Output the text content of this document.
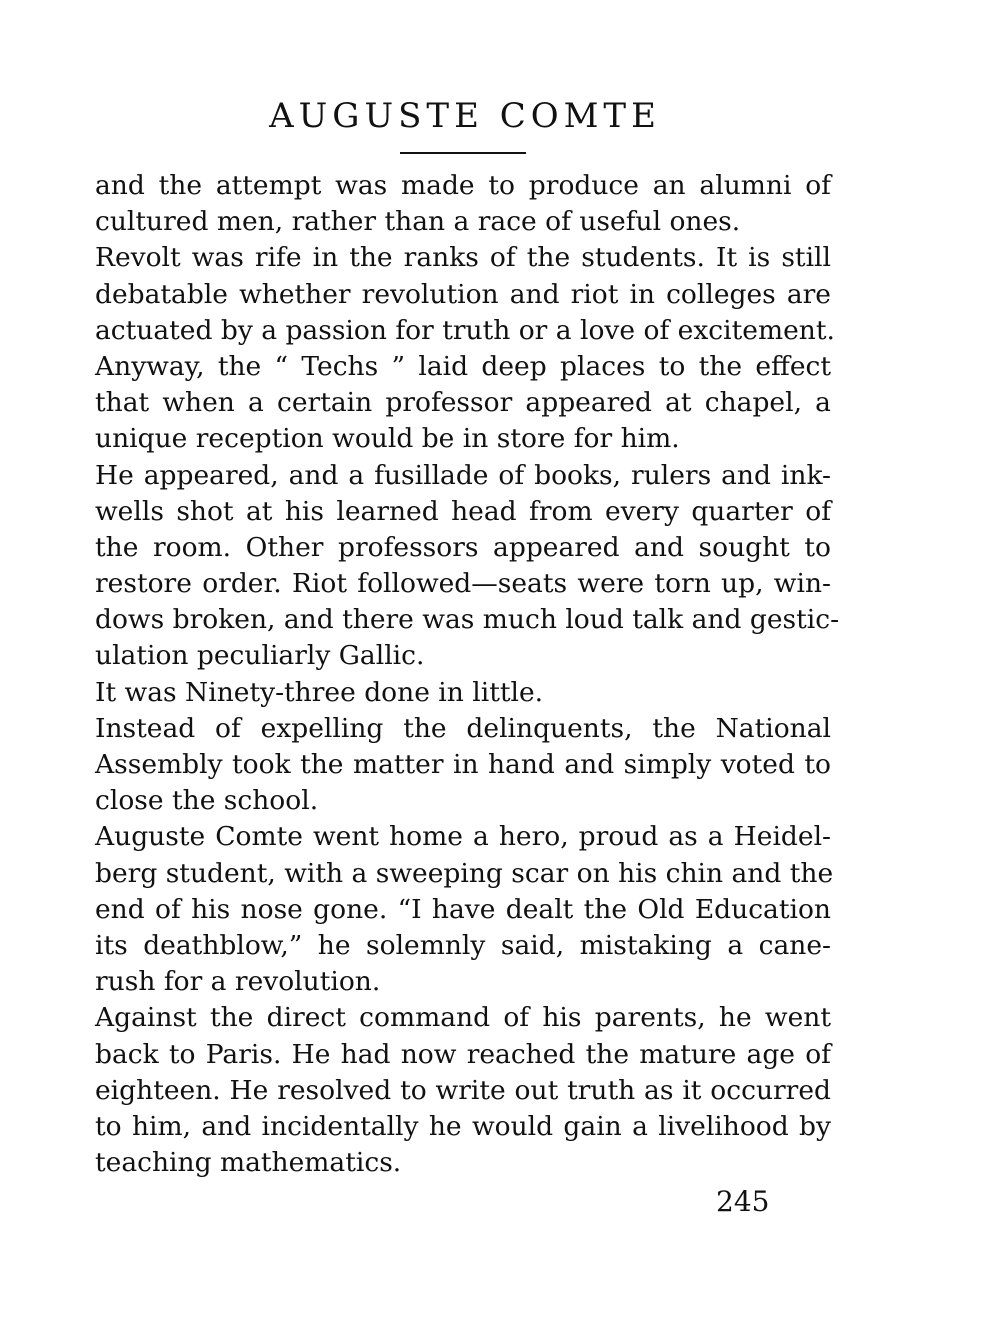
AUGUSTE COMTE
and the attempt was made to produce an alumni of
cultured men, rather than a race of useful ones.
Revolt was rife in the ranks of the students. It is still
debatable whether revolution and riot in colleges are
actuated by a passion for truth or a love of excitement.
Anyway, the “ Techs ” laid deep places to the effect
that when a certain professor appeared at chapel, a
unique reception would be in store for him.
He appeared, and a fusillade of books, rulers and ink-
wells shot at his learned head from every quarter of
the room. Other professors appeared and sought to
restore order. Riot followed—seats were torn up, win-
dows broken, and there was much loud talk and gestic-
ulation peculiarly Gallic.
It was Ninety-three done in little.
Instead of expelling the delinquents, the National
Assembly took the matter in hand and simply voted to
close the school.
Auguste Comte went home a hero, proud as a Heidel-
berg student, with a sweeping scar on his chin and the
end of his nose gone. “I have dealt the Old Education
its deathblow,” he solemnly said, mistaking a cane-
rush for a revolution.
Against the direct command of his parents, he went
back to Paris. He had now reached the mature age of
eighteen. He resolved to write out truth as it occurred
to him, and incidentally he would gain a livelihood by
teaching mathematics.
245
